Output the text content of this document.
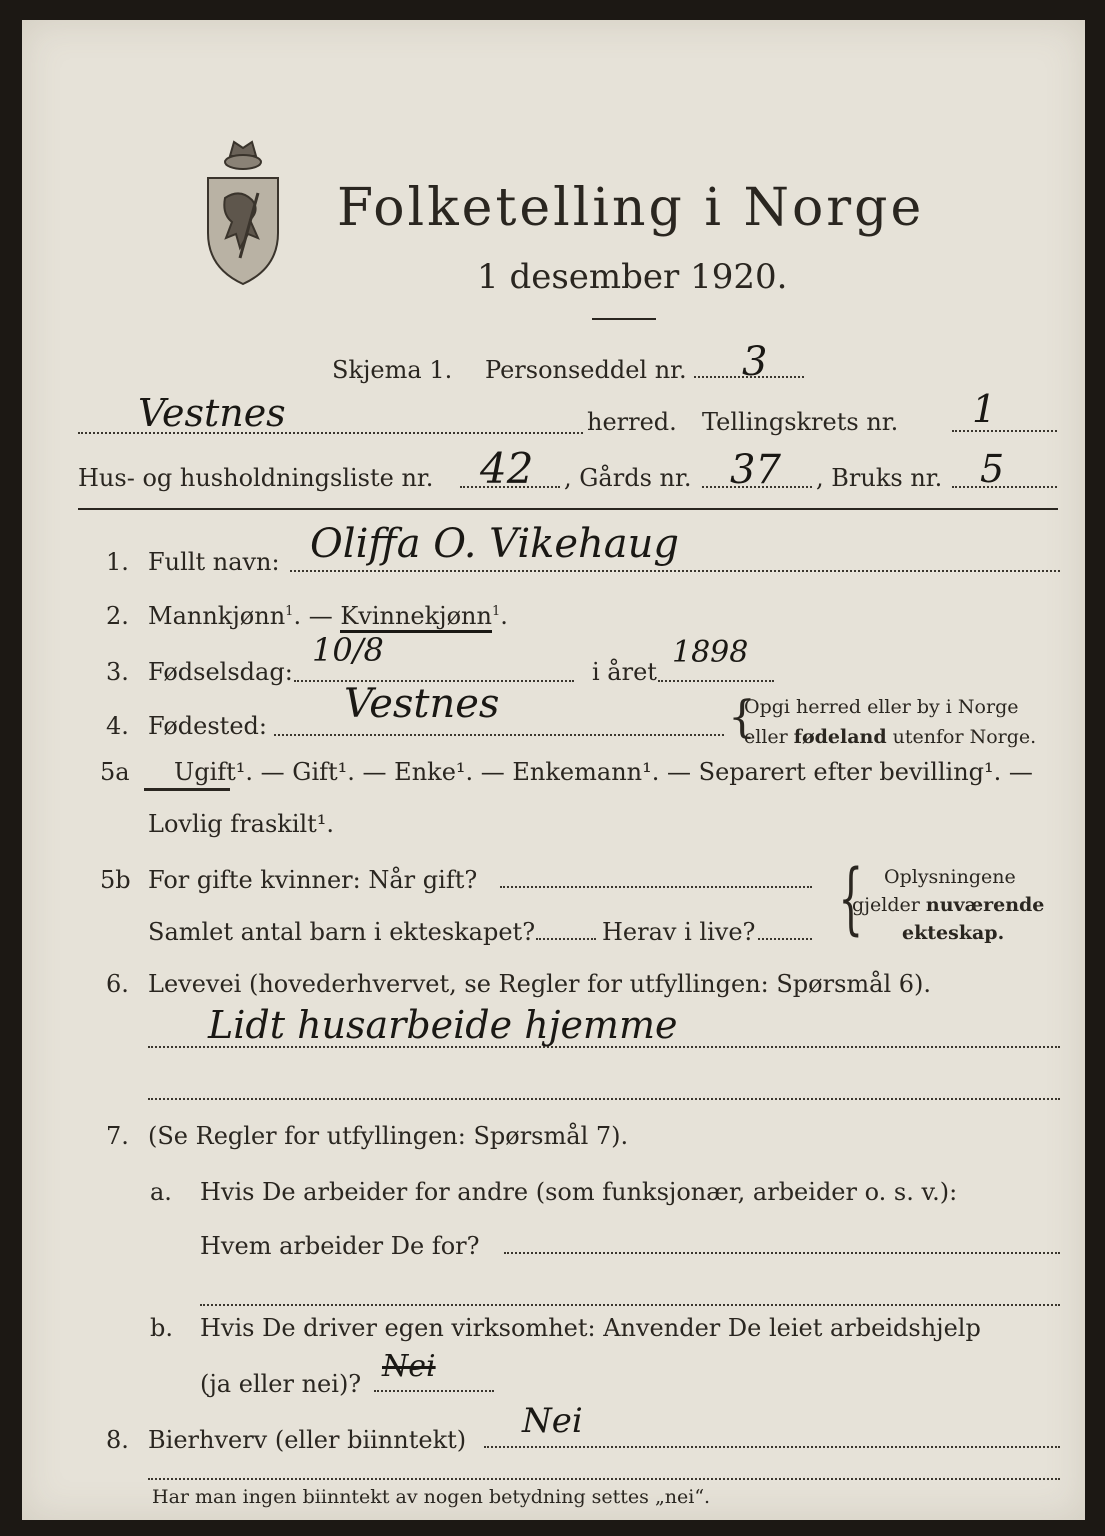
Folketelling i Norge
1 desember 1920.
Skjema 1. Personseddel nr. 3
Vestnes	herred. Tellingskrets nr. 1
Hus- og husholdningsliste nr. 42 , Gårds nr. 37 , Bruks nr. 5
1. Fullt navn: Oliffa O. Vikehaug
2. Mannkjønn$^1$. — Kvinnekjønn$^1$.
3. Fødselsdag:
10/8
i året
1898
4. Fødested: Vestnes	{
Opgi herred eller by i Norge
eller fødeland utenfor Norge.
5a Ugift¹. — Gift¹. — Enke¹. — Enkemann¹. — Separert efter bevilling¹. —
Lovlig fraskilt¹.
5b For gifte kvinner: Når gift?
Samlet antal barn i ekteskapet?	Herav i live? { Oplysningene
gjelder nuværende
ekteskap.
6. Levevei (hovederhvervet, se Regler for utfyllingen: Spørsmål 6).
Lidt husarbeide hjemme
7. (Se Regler for utfyllingen: Spørsmål 7).
a. Hvis De arbeider for andre (som funksjonær, arbeider o. s. v.):
Hvem arbeider De for?
b. Hvis De driver egen virksomhet: Anvender De leiet arbeidshjelp
(ja eller nei)? Nei
8. Bierhverv (eller biinntekt) Nei
Har man ingen biinntekt av nogen betydning settes „nei“.
